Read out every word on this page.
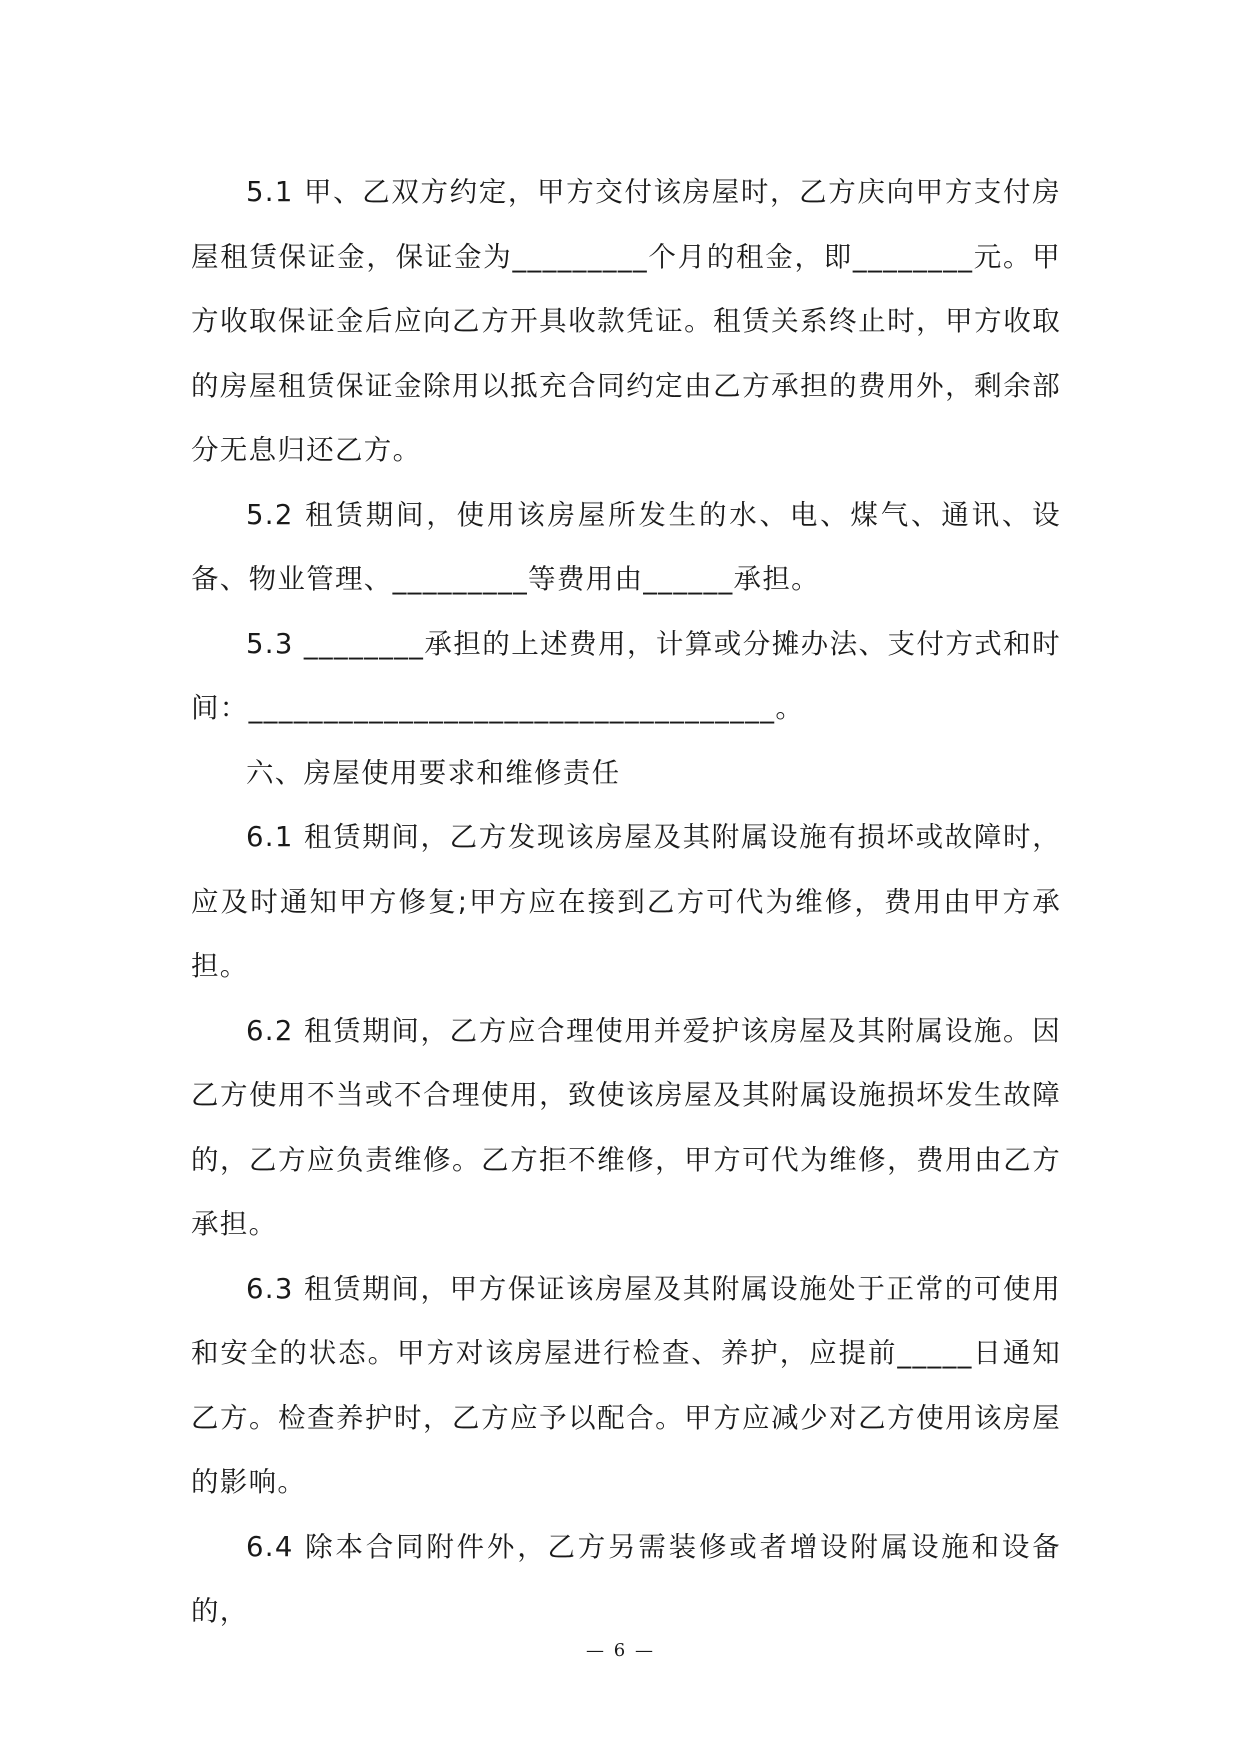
5.1 甲、乙双方约定，甲方交付该房屋时，乙方庆向甲方支付房屋租赁保证金，保证金为_________个月的租金，即________元。甲方收取保证金后应向乙方开具收款凭证。租赁关系终止时，甲方收取的房屋租赁保证金除用以抵充合同约定由乙方承担的费用外，剩余部分无息归还乙方。

5.2 租赁期间，使用该房屋所发生的水、电、煤气、通讯、设备、物业管理、_________等费用由______承担。

5.3 ________承担的上述费用，计算或分摊办法、支付方式和时间：___________________________________。

六、房屋使用要求和维修责任

6.1 租赁期间，乙方发现该房屋及其附属设施有损坏或故障时，应及时通知甲方修复;甲方应在接到乙方可代为维修，费用由甲方承担。

6.2 租赁期间，乙方应合理使用并爱护该房屋及其附属设施。因乙方使用不当或不合理使用，致使该房屋及其附属设施损坏发生故障的，乙方应负责维修。乙方拒不维修，甲方可代为维修，费用由乙方承担。

6.3 租赁期间，甲方保证该房屋及其附属设施处于正常的可使用和安全的状态。甲方对该房屋进行检查、养护，应提前_____日通知乙方。检查养护时，乙方应予以配合。甲方应减少对乙方使用该房屋的影响。

6.4 除本合同附件外，乙方另需装修或者增设附属设施和设备的，

— 6 —
